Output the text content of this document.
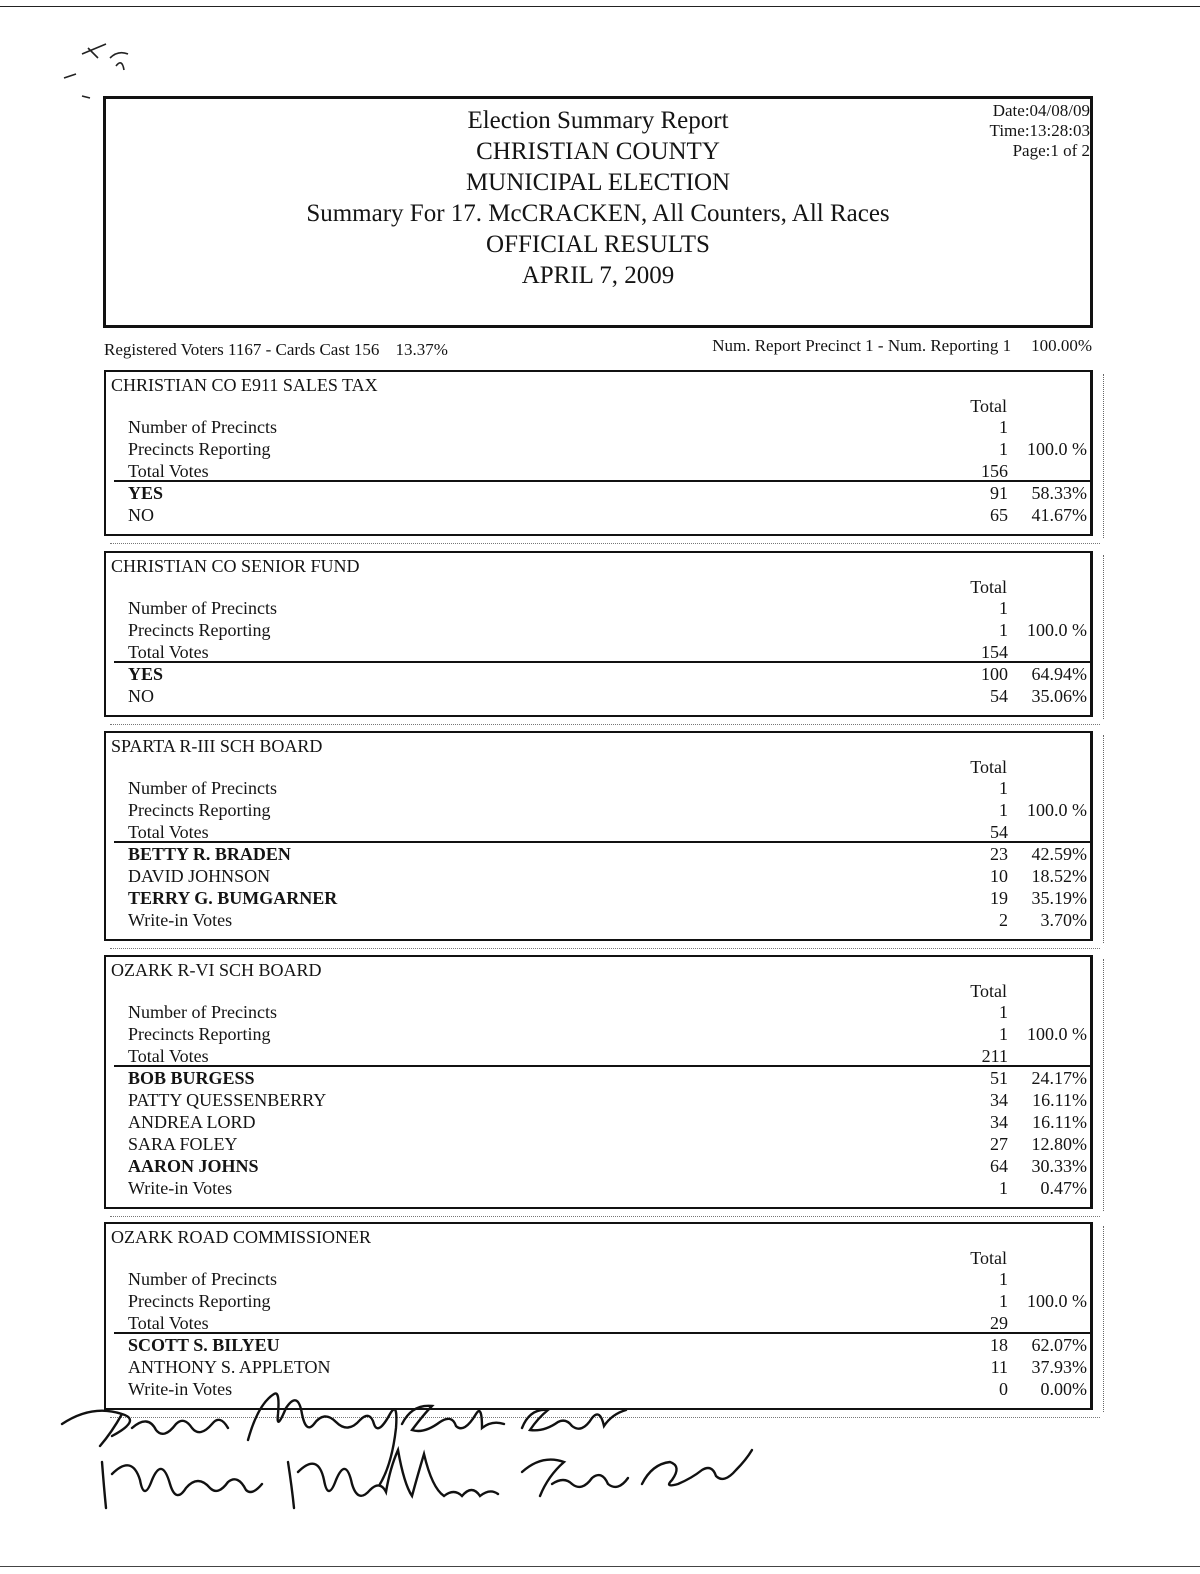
Election Summary Report
CHRISTIAN COUNTY
MUNICIPAL ELECTION
Summary For 17. McCRACKEN, All Counters, All Races
OFFICIAL RESULTS
APRIL 7, 2009
Date:04/08/09
Time:13:28:03
Page:1 of 2
Registered Voters 1167 - Cards Cast 156 13.37%	Num. Report Precinct 1 - Num. Reporting 1 100.00%
CHRISTIAN CO E911 SALES TAX
Total
Number of Precincts	1
Precincts Reporting	1 100.0 %
Total Votes	156
YES	91 58.33%
NO	65 41.67%
CHRISTIAN CO SENIOR FUND
Total
Number of Precincts	1
Precincts Reporting	1 100.0 %
Total Votes	154
YES	100 64.94%
NO	54 35.06%
SPARTA R-III SCH BOARD
Total
Number of Precincts	1
Precincts Reporting	1 100.0 %
Total Votes	54
BETTY R. BRADEN	23 42.59%
DAVID JOHNSON	10 18.52%
TERRY G. BUMGARNER	19 35.19%
Write-in Votes	2 3.70%
OZARK R-VI SCH BOARD
Total
Number of Precincts	1
Precincts Reporting	1 100.0 %
Total Votes	211
BOB BURGESS	51 24.17%
PATTY QUESSENBERRY	34 16.11%
ANDREA LORD	34 16.11%
SARA FOLEY	27 12.80%
AARON JOHNS	64 30.33%
Write-in Votes	1 0.47%
OZARK ROAD COMMISSIONER
Total
Number of Precincts	1
Precincts Reporting	1 100.0 %
Total Votes	29
SCOTT S. BILYEU	18 62.07%
ANTHONY S. APPLETON	11 37.93%
Write-in Votes	0 0.00%
